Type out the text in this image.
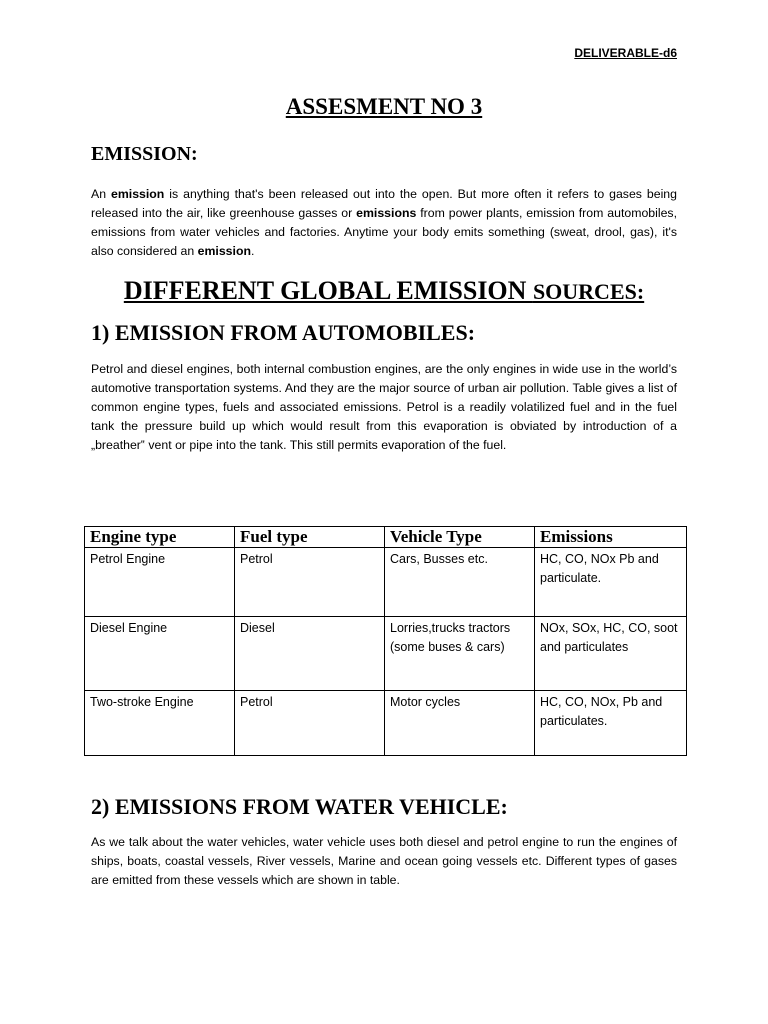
DELIVERABLE-d6
ASSESMENT NO 3
EMISSION:
An emission is anything that's been released out into the open. But more often it refers to gases being released into the air, like greenhouse gasses or emissions from power plants, emission from automobiles, emissions from water vehicles and factories. Anytime your body emits something (sweat, drool, gas), it's also considered an emission.
DIFFERENT GLOBAL EMISSION SOURCES:
1) EMISSION FROM AUTOMOBILES:
Petrol and diesel engines, both internal combustion engines, are the only engines in wide use in the world’s automotive transportation systems. And they are the major source of urban air pollution. Table gives a list of common engine types, fuels and associated emissions. Petrol is a readily volatilized fuel and in the fuel tank the pressure build up which would result from this evaporation is obviated by introduction of a „breather‟ vent or pipe into the tank. This still permits evaporation of the fuel.
Engine type	Fuel type	Vehicle Type	Emissions
Petrol Engine	Petrol	Cars, Busses etc.	HC, CO, NOx Pb and particulate.
Diesel Engine	Diesel	Lorries,trucks tractors (some buses & cars)	NOx, SOx, HC, CO, soot and particulates
Two-stroke Engine	Petrol	Motor cycles	HC, CO, NOx, Pb and particulates.
2) EMISSIONS FROM WATER VEHICLE:
As we talk about the water vehicles, water vehicle uses both diesel and petrol engine to run the engines of ships, boats, coastal vessels, River vessels, Marine and ocean going vessels etc. Different types of gases are emitted from these vessels which are shown in table.
